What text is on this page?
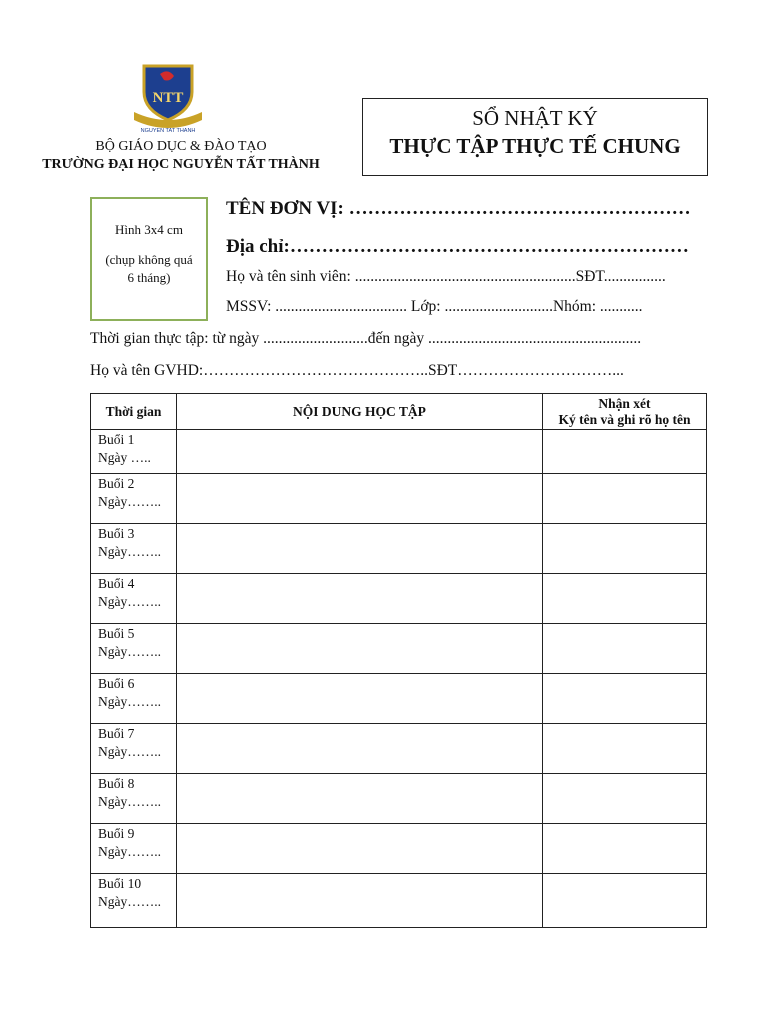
NTT
NGUYEN TAT THANH
BỘ GIÁO DỤC & ĐÀO TẠO
TRƯỜNG ĐẠI HỌC NGUYỄN TẤT THÀNH
SỔ NHẬT KÝ
THỰC TẬP THỰC TẾ CHUNG
Hình 3x4 cm
(chụp không quá 6 tháng)
TÊN ĐƠN VỊ: ………………………………………………
Địa chỉ:………………………………………………………
Họ và tên sinh viên: .........................................................SĐT................
MSSV: .................................. Lớp: ............................Nhóm: ...........
Thời gian thực tập: từ ngày ...........................đến ngày .......................................................
Họ và tên GVHD:……………………………………..SĐT…………………………...
Thời gian	NỘI DUNG HỌC TẬP	Nhận xét
Ký tên và ghi rõ họ tên

Buổi 1
Ngày …..		

Buổi 2
Ngày……..		

Buổi 3
Ngày……..		

Buổi 4
Ngày……..		

Buổi 5
Ngày……..		

Buổi 6
Ngày……..		

Buổi 7
Ngày……..		

Buổi 8
Ngày……..		

Buổi 9
Ngày……..		

Buổi 10
Ngày……..		
